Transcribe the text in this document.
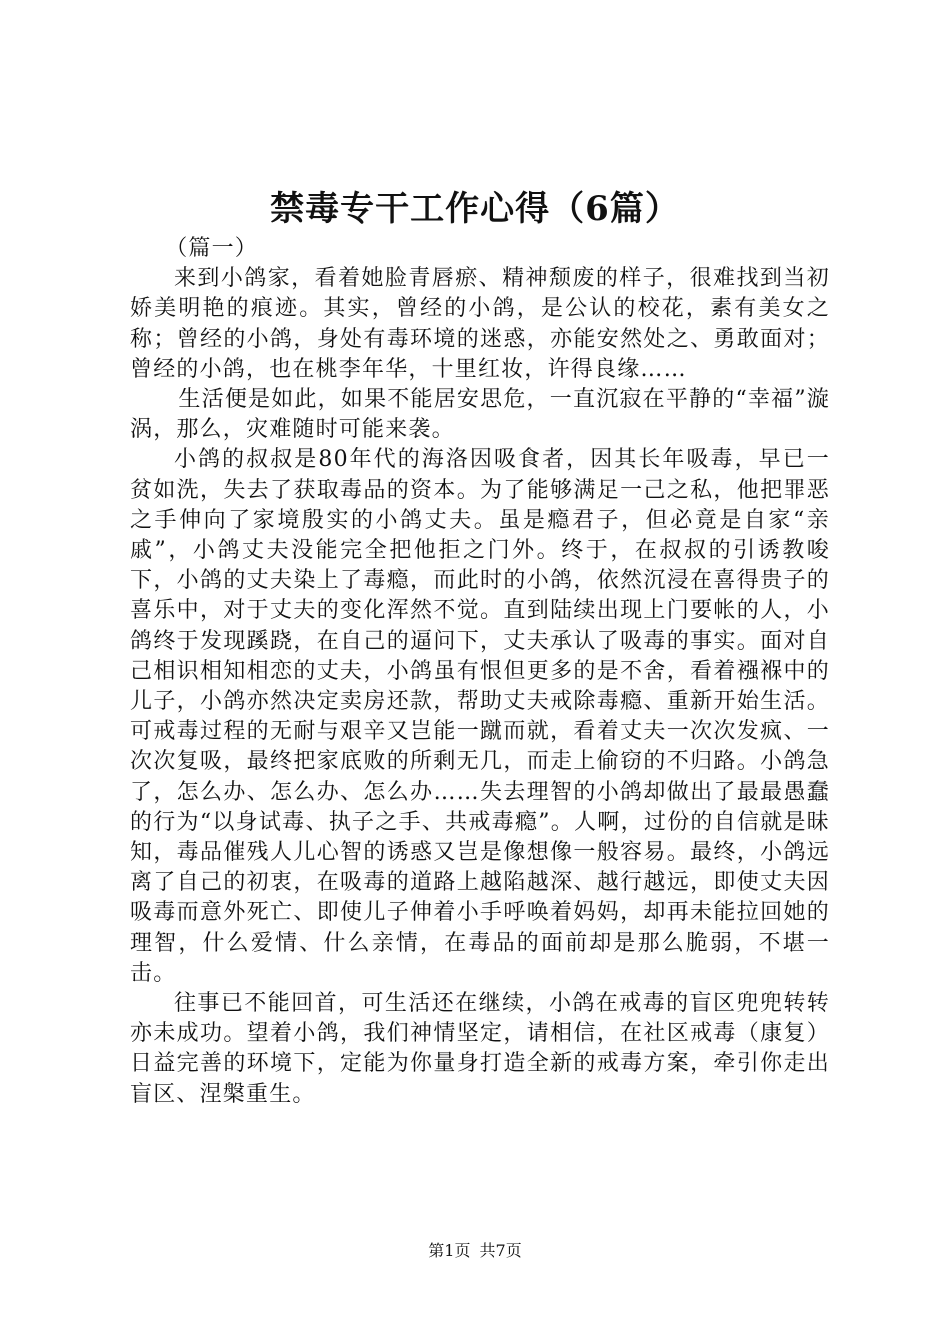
禁毒专干工作心得（6篇）

（篇一）

来到小鸽家，看着她脸青唇瘀、精神颓废的样子，很难找到当初娇美明艳的痕迹。其实，曾经的小鸽，是公认的校花，素有美女之称；曾经的小鸽，身处有毒环境的迷惑，亦能安然处之、勇敢面对；曾经的小鸽，也在桃李年华，十里红妆，许得良缘……

生活便是如此，如果不能居安思危，一直沉寂在平静的“幸福”漩涡，那么，灾难随时可能来袭。

小鸽的叔叔是80年代的海洛因吸食者，因其长年吸毒，早已一贫如洗，失去了获取毒品的资本。为了能够满足一己之私，他把罪恶之手伸向了家境殷实的小鸽丈夫。虽是瘾君子，但必竟是自家“亲戚”，小鸽丈夫没能完全把他拒之门外。终于，在叔叔的引诱教唆下，小鸽的丈夫染上了毒瘾，而此时的小鸽，依然沉浸在喜得贵子的喜乐中，对于丈夫的变化浑然不觉。直到陆续出现上门要帐的人，小鸽终于发现蹊跷，在自己的逼问下，丈夫承认了吸毒的事实。面对自己相识相知相恋的丈夫，小鸽虽有恨但更多的是不舍，看着襁褓中的儿子，小鸽亦然决定卖房还款，帮助丈夫戒除毒瘾、重新开始生活。可戒毒过程的无耐与艰辛又岂能一蹴而就，看着丈夫一次次发疯、一次次复吸，最终把家底败的所剩无几，而走上偷窃的不归路。小鸽急了，怎么办、怎么办、怎么办……失去理智的小鸽却做出了最最愚蠢的行为“以身试毒、执子之手、共戒毒瘾”。人啊，过份的自信就是昧知，毒品催残人儿心智的诱惑又岂是像想像一般容易。最终，小鸽远离了自己的初衷，在吸毒的道路上越陷越深、越行越远，即使丈夫因吸毒而意外死亡、即使儿子伸着小手呼唤着妈妈，却再未能拉回她的理智，什么爱情、什么亲情，在毒品的面前却是那么脆弱，不堪一击。

往事已不能回首，可生活还在继续，小鸽在戒毒的盲区兜兜转转亦未成功。望着小鸽，我们神情坚定，请相信，在社区戒毒（康复）日益完善的环境下，定能为你量身打造全新的戒毒方案，牵引你走出盲区、涅槃重生。

第1页 共7页
